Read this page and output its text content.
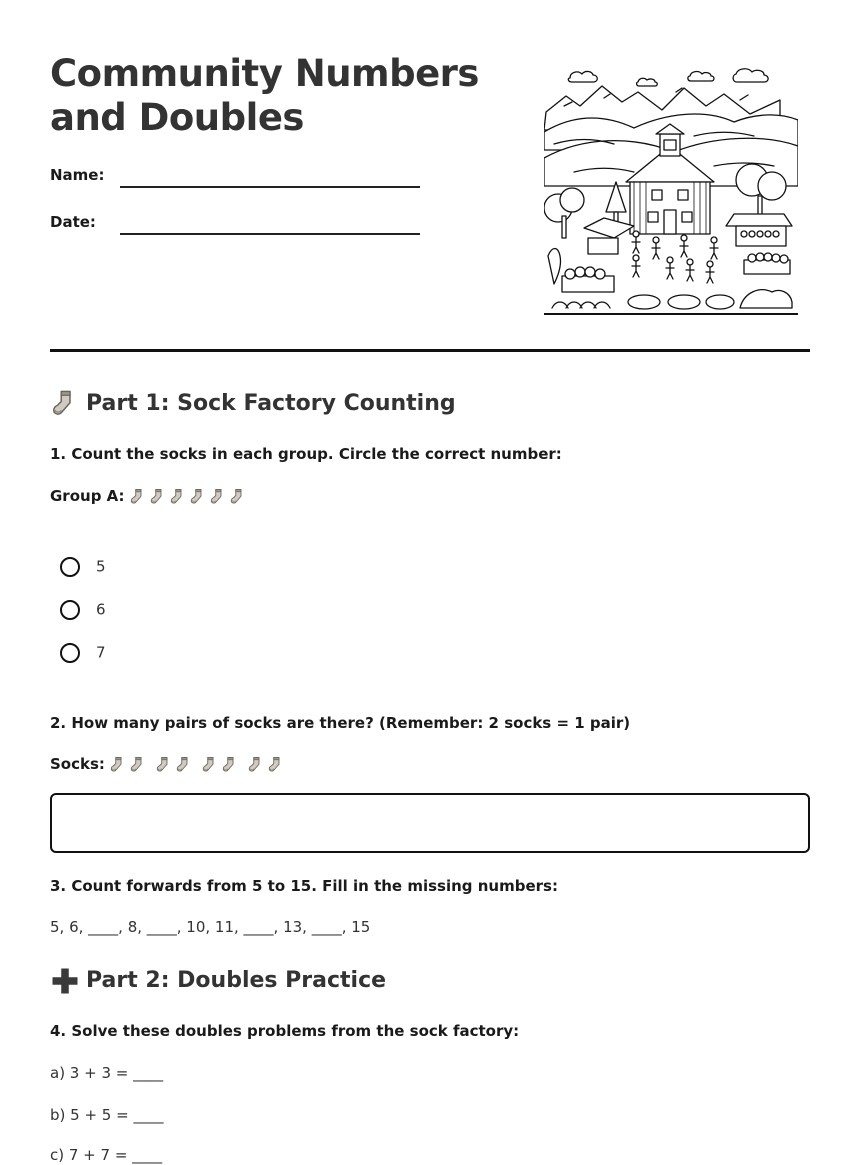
Community Numbers
and Doubles
Name:
Date:
Part 1: Sock Factory Counting
1. Count the socks in each group. Circle the correct number:
Group A:
5
6
7
2. How many pairs of socks are there? (Remember: 2 socks = 1 pair)
Socks:
3. Count forwards from 5 to 15. Fill in the missing numbers:
5, 6, ____, 8, ____, 10, 11, ____, 13, ____, 15
Part 2: Doubles Practice
4. Solve these doubles problems from the sock factory:
a) 3 + 3 = ____
b) 5 + 5 = ____
c) 7 + 7 = ____
